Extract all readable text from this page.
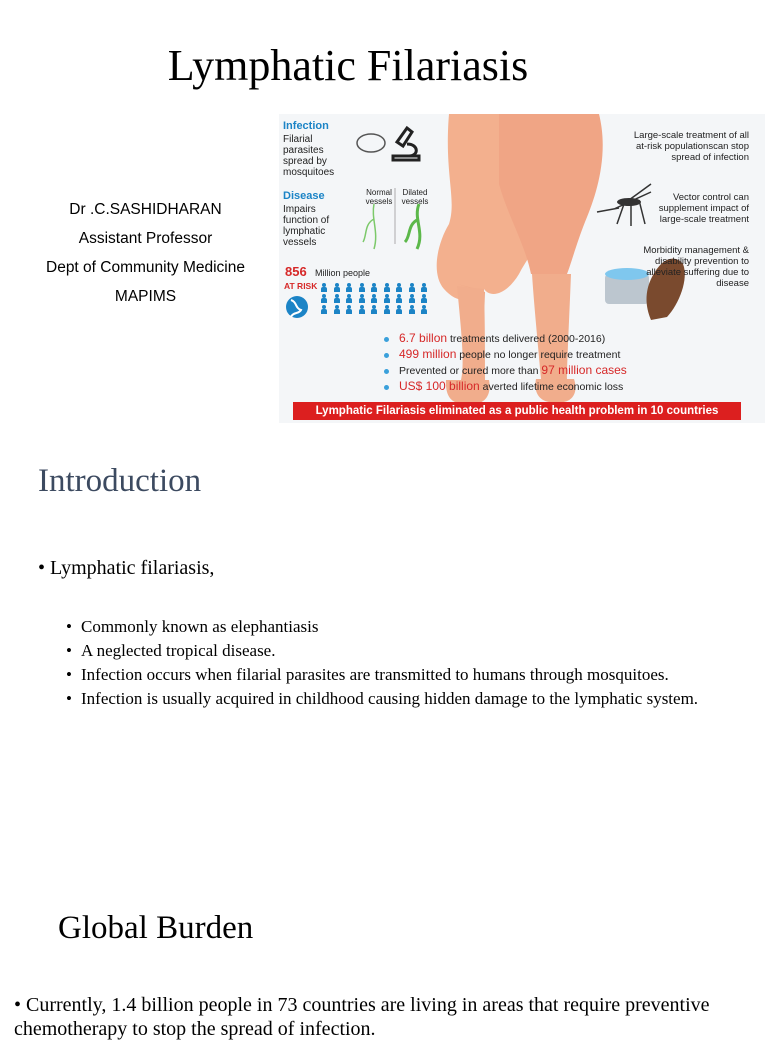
Lymphatic Filariasis
Dr .C.SASHIDHARAN
Assistant Professor
Dept of Community Medicine
MAPIMS
Infection
Filarial parasites spread by mosquitoes
Disease
Impairs function of lymphatic vessels
Normal vessels
Dilated vessels
856 Million people
AT RISK
Large-scale treatment of all at-risk populationscan stop spread of infection
Vector control can supplement impact of large-scale treatment
Morbidity management & disability prevention to alleviate suffering due to disease
6.7 billon treatments delivered (2000-2016)
499 million people no longer require treatment
Prevented or cured more than 97 million cases
US$ 100 billion averted lifetime economic loss
Lymphatic Filariasis eliminated as a public health problem in 10 countries
Introduction
• Lymphatic filariasis,
• Commonly known as elephantiasis
• A neglected tropical disease.
• Infection occurs when filarial parasites are transmitted to humans through mosquitoes.
• Infection is usually acquired in childhood causing hidden damage to the lymphatic system.
Global Burden
• Currently, 1.4 billion people in 73 countries are living in areas that require preventive chemotherapy to stop the spread of infection.
